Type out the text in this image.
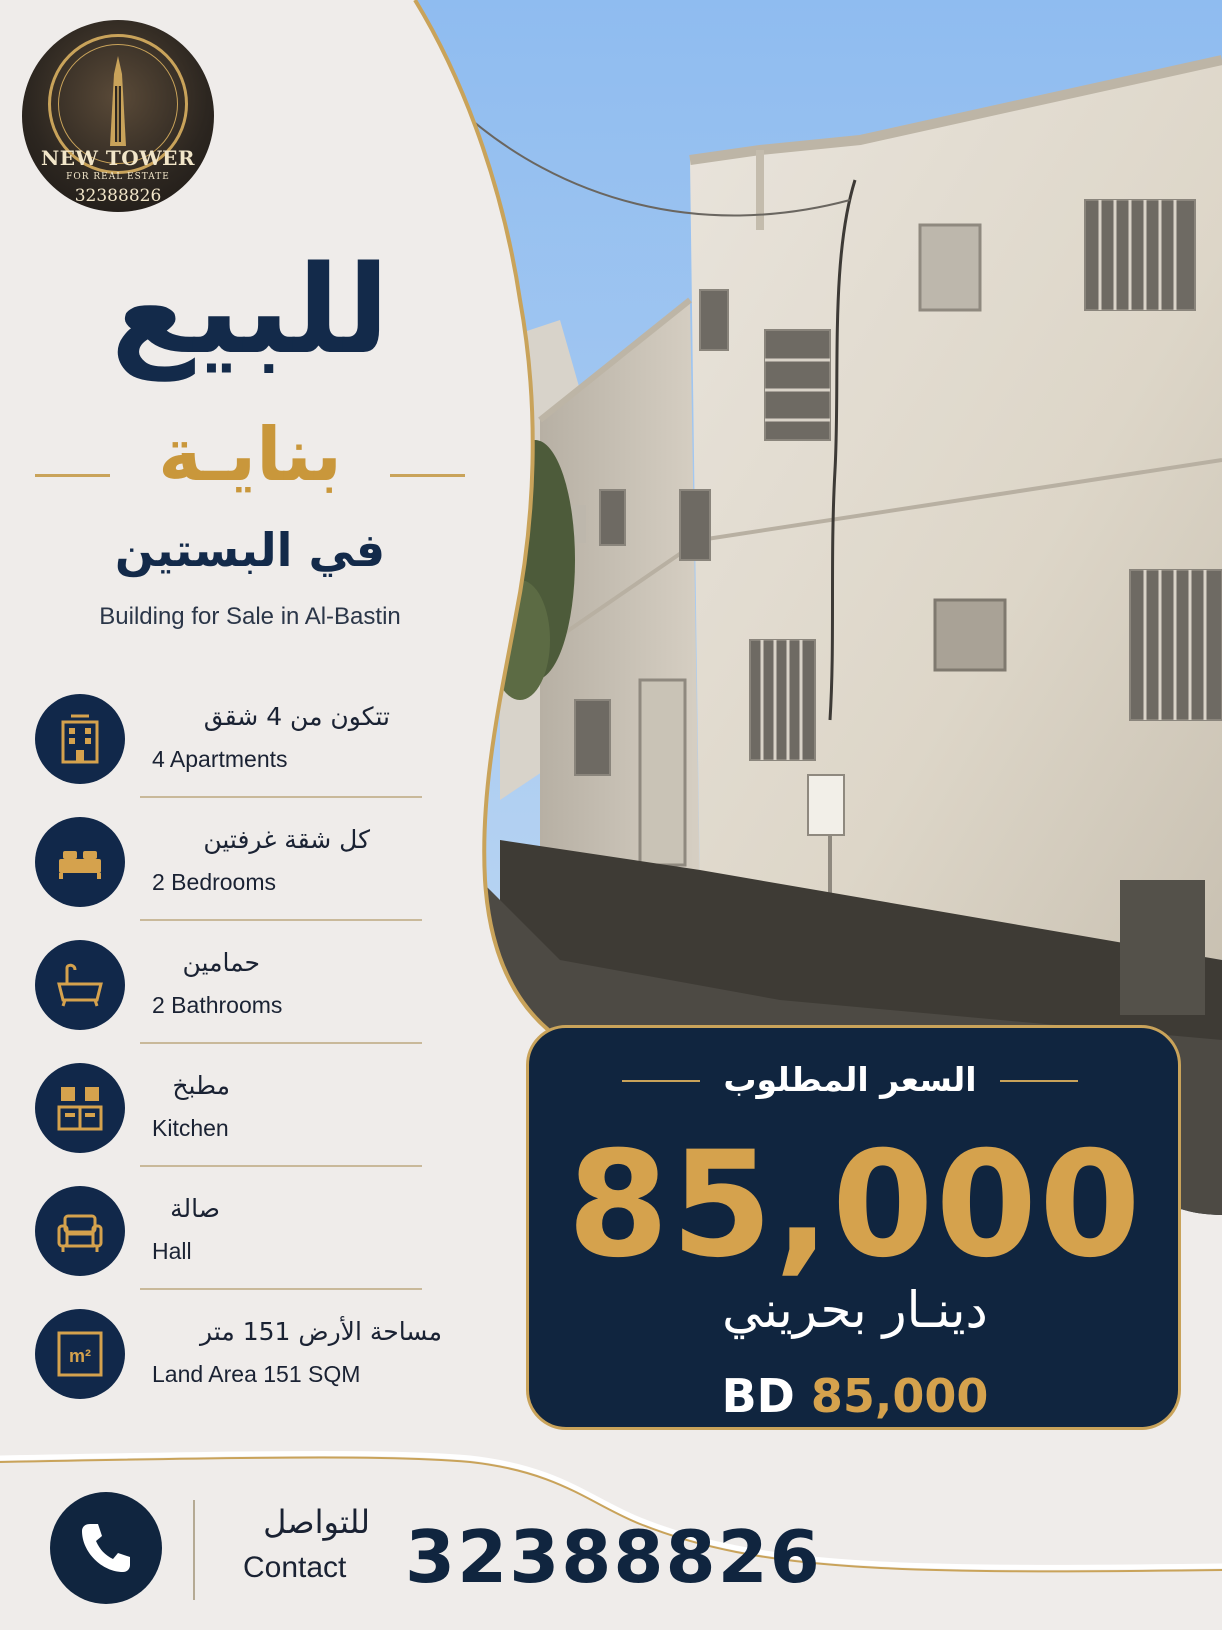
NEW TOWER
FOR REAL ESTATE
32388826
للبيع
بنايـة
في البستين
Building for Sale in Al-Bastin
تتكون من 4 شقق
4 Apartments
كل شقة غرفتين
2 Bedrooms
حمامين
2 Bathrooms
مطبخ
Kitchen
صالة
Hall
m²
مساحة الأرض 151 متر
Land Area 151 SQM
السعر المطلوب
85,000
دينـار بحريني
BD 85,000
للتواصل
Contact 32388826
